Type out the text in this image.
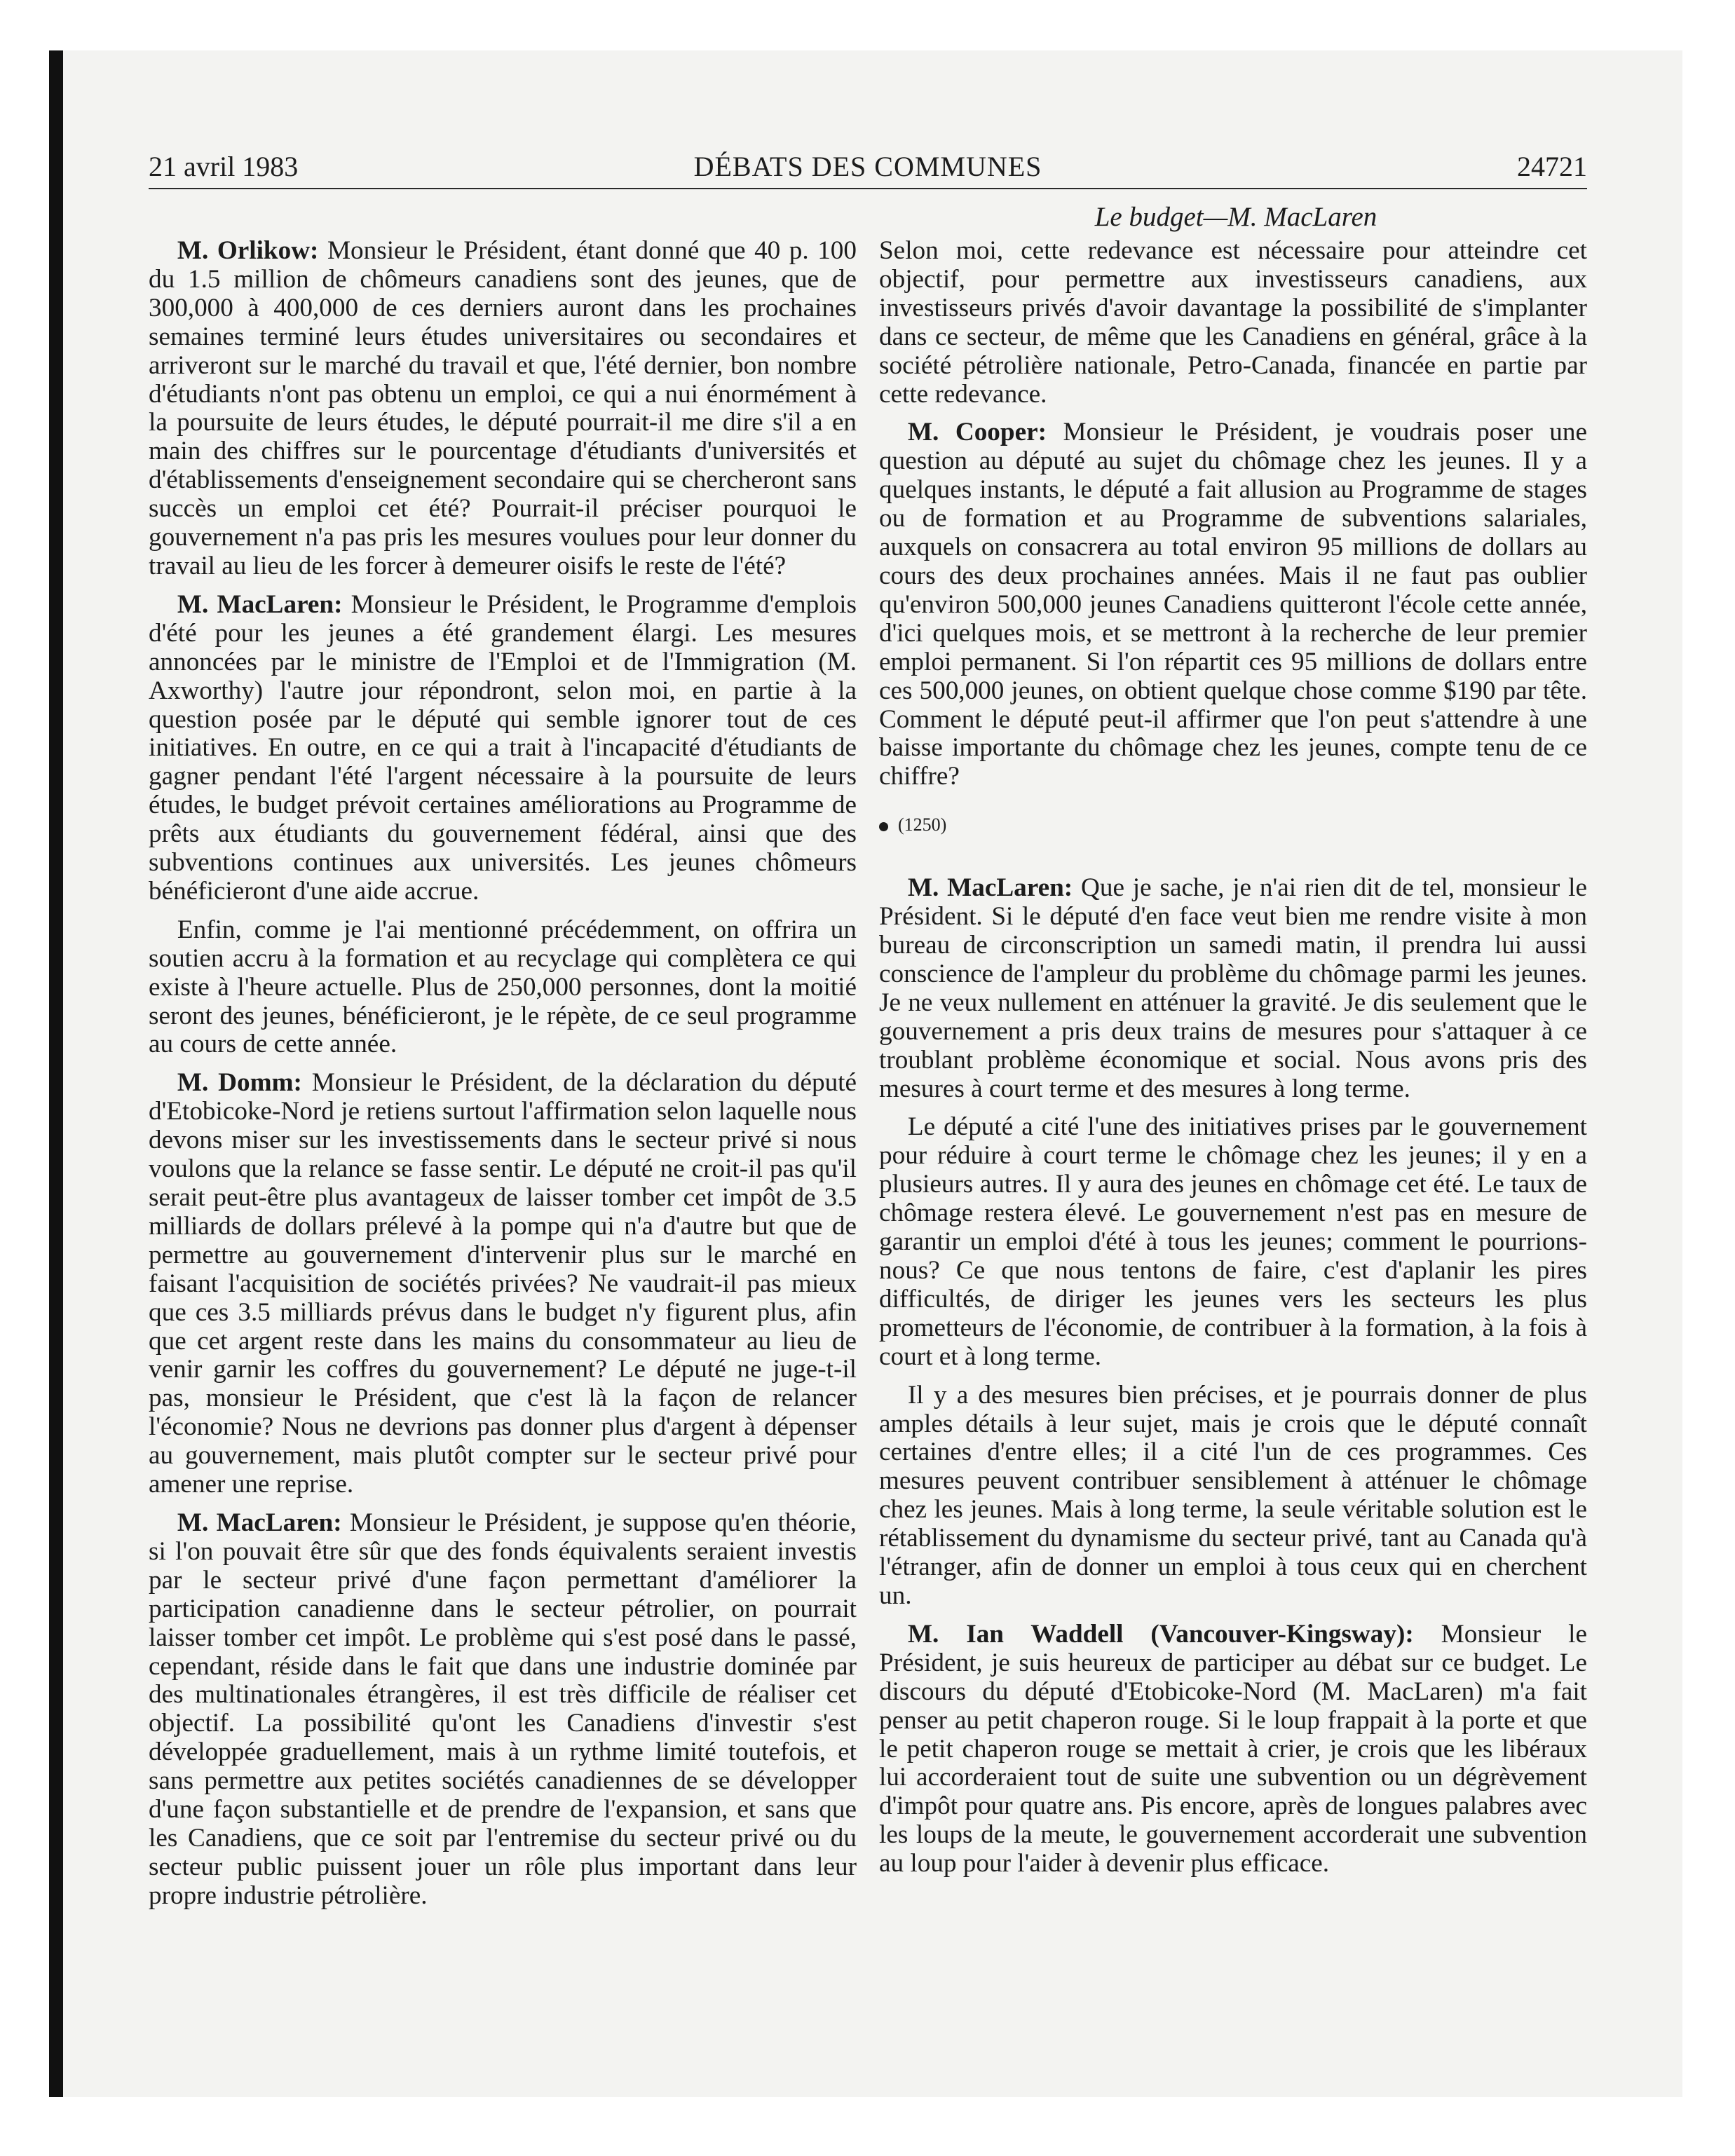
21 avril 1983	DÉBATS DES COMMUNES	24721
Le budget—M. MacLaren

M. Orlikow: Monsieur le Président, étant donné que 40 p. 100 du 1.5 million de chômeurs canadiens sont des jeunes, que de 300,000 à 400,000 de ces derniers auront dans les prochaines semaines terminé leurs études universitaires ou secondaires et arriveront sur le marché du travail et que, l'été dernier, bon nombre d'étudiants n'ont pas obtenu un emploi, ce qui a nui énormément à la poursuite de leurs études, le député pourrait-il me dire s'il a en main des chiffres sur le pourcentage d'étudiants d'universités et d'établissements d'enseignement secondaire qui se chercheront sans succès un emploi cet été? Pourrait-il préciser pourquoi le gouvernement n'a pas pris les mesures voulues pour leur donner du travail au lieu de les forcer à demeurer oisifs le reste de l'été?

M. MacLaren: Monsieur le Président, le Programme d'emplois d'été pour les jeunes a été grandement élargi. Les mesures annoncées par le ministre de l'Emploi et de l'Immigration (M. Axworthy) l'autre jour répondront, selon moi, en partie à la question posée par le député qui semble ignorer tout de ces initiatives. En outre, en ce qui a trait à l'incapacité d'étudiants de gagner pendant l'été l'argent nécessaire à la poursuite de leurs études, le budget prévoit certaines améliorations au Programme de prêts aux étudiants du gouvernement fédéral, ainsi que des subventions continues aux universités. Les jeunes chômeurs bénéficieront d'une aide accrue.

Enfin, comme je l'ai mentionné précédemment, on offrira un soutien accru à la formation et au recyclage qui complètera ce qui existe à l'heure actuelle. Plus de 250,000 personnes, dont la moitié seront des jeunes, bénéficieront, je le répète, de ce seul programme au cours de cette année.

M. Domm: Monsieur le Président, de la déclaration du député d'Etobicoke-Nord je retiens surtout l'affirmation selon laquelle nous devons miser sur les investissements dans le secteur privé si nous voulons que la relance se fasse sentir. Le député ne croit-il pas qu'il serait peut-être plus avantageux de laisser tomber cet impôt de 3.5 milliards de dollars prélevé à la pompe qui n'a d'autre but que de permettre au gouvernement d'intervenir plus sur le marché en faisant l'acquisition de sociétés privées? Ne vaudrait-il pas mieux que ces 3.5 milliards prévus dans le budget n'y figurent plus, afin que cet argent reste dans les mains du consommateur au lieu de venir garnir les coffres du gouvernement? Le député ne juge-t-il pas, monsieur le Président, que c'est là la façon de relancer l'économie? Nous ne devrions pas donner plus d'argent à dépenser au gouvernement, mais plutôt compter sur le secteur privé pour amener une reprise.

M. MacLaren: Monsieur le Président, je suppose qu'en théorie, si l'on pouvait être sûr que des fonds équivalents seraient investis par le secteur privé d'une façon permettant d'améliorer la participation canadienne dans le secteur pétrolier, on pourrait laisser tomber cet impôt. Le problème qui s'est posé dans le passé, cependant, réside dans le fait que dans une industrie dominée par des multinationales étrangères, il est très difficile de réaliser cet objectif. La possibilité qu'ont les Canadiens d'investir s'est développée graduellement, mais à un rythme limité toutefois, et sans permettre aux petites sociétés canadiennes de se développer d'une façon substantielle et de prendre de l'expansion, et sans que les Canadiens, que ce soit par l'entremise du secteur privé ou du secteur public puissent jouer un rôle plus important dans leur propre industrie pétrolière.

Selon moi, cette redevance est nécessaire pour atteindre cet objectif, pour permettre aux investisseurs canadiens, aux investisseurs privés d'avoir davantage la possibilité de s'implanter dans ce secteur, de même que les Canadiens en général, grâce à la société pétrolière nationale, Petro-Canada, financée en partie par cette redevance.

M. Cooper: Monsieur le Président, je voudrais poser une question au député au sujet du chômage chez les jeunes. Il y a quelques instants, le député a fait allusion au Programme de stages ou de formation et au Programme de subventions salariales, auxquels on consacrera au total environ 95 millions de dollars au cours des deux prochaines années. Mais il ne faut pas oublier qu'environ 500,000 jeunes Canadiens quitteront l'école cette année, d'ici quelques mois, et se mettront à la recherche de leur premier emploi permanent. Si l'on répartit ces 95 millions de dollars entre ces 500,000 jeunes, on obtient quelque chose comme $190 par tête. Comment le député peut-il affirmer que l'on peut s'attendre à une baisse importante du chômage chez les jeunes, compte tenu de ce chiffre?

(1250)

M. MacLaren: Que je sache, je n'ai rien dit de tel, monsieur le Président. Si le député d'en face veut bien me rendre visite à mon bureau de circonscription un samedi matin, il prendra lui aussi conscience de l'ampleur du problème du chômage parmi les jeunes. Je ne veux nullement en atténuer la gravité. Je dis seulement que le gouvernement a pris deux trains de mesures pour s'attaquer à ce troublant problème économique et social. Nous avons pris des mesures à court terme et des mesures à long terme.

Le député a cité l'une des initiatives prises par le gouvernement pour réduire à court terme le chômage chez les jeunes; il y en a plusieurs autres. Il y aura des jeunes en chômage cet été. Le taux de chômage restera élevé. Le gouvernement n'est pas en mesure de garantir un emploi d'été à tous les jeunes; comment le pourrions-nous? Ce que nous tentons de faire, c'est d'aplanir les pires difficultés, de diriger les jeunes vers les secteurs les plus prometteurs de l'économie, de contribuer à la formation, à la fois à court et à long terme.

Il y a des mesures bien précises, et je pourrais donner de plus amples détails à leur sujet, mais je crois que le député connaît certaines d'entre elles; il a cité l'un de ces programmes. Ces mesures peuvent contribuer sensiblement à atténuer le chômage chez les jeunes. Mais à long terme, la seule véritable solution est le rétablissement du dynamisme du secteur privé, tant au Canada qu'à l'étranger, afin de donner un emploi à tous ceux qui en cherchent un.

M. Ian Waddell (Vancouver-Kingsway): Monsieur le Président, je suis heureux de participer au débat sur ce budget. Le discours du député d'Etobicoke-Nord (M. MacLaren) m'a fait penser au petit chaperon rouge. Si le loup frappait à la porte et que le petit chaperon rouge se mettait à crier, je crois que les libéraux lui accorderaient tout de suite une subvention ou un dégrèvement d'impôt pour quatre ans. Pis encore, après de longues palabres avec les loups de la meute, le gouvernement accorderait une subvention au loup pour l'aider à devenir plus efficace.
